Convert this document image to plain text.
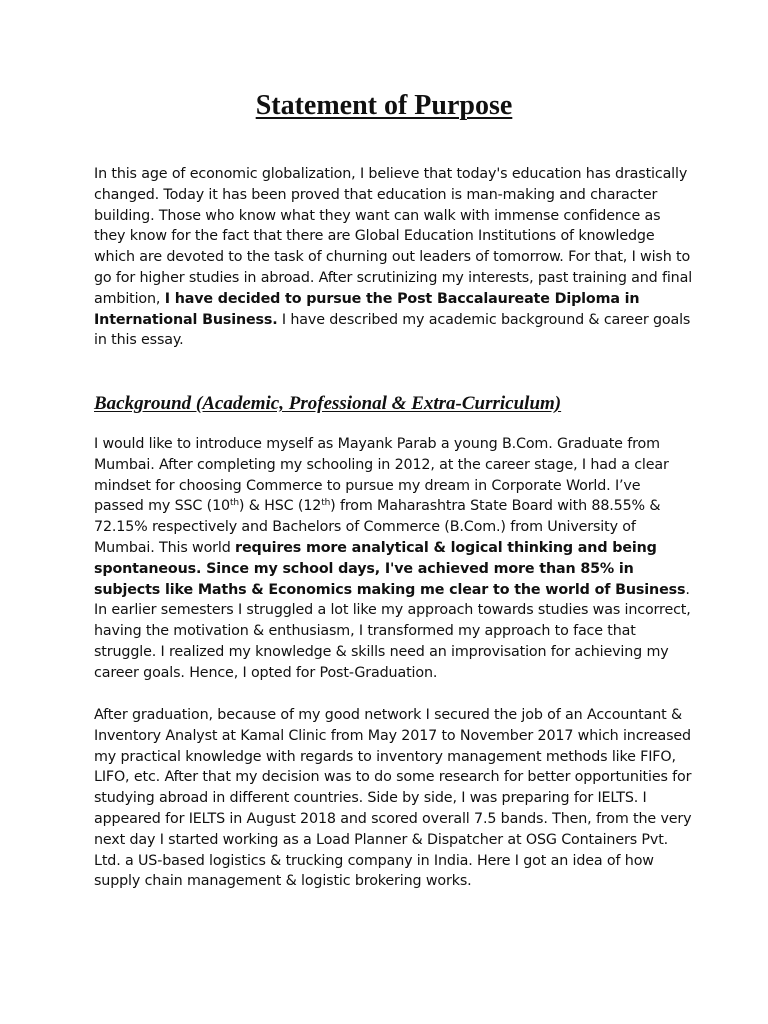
Statement of Purpose
In this age of economic globalization, I believe that today's education has drastically changed. Today it has been proved that education is man-making and character building. Those who know what they want can walk with immense confidence as they know for the fact that there are Global Education Institutions of knowledge which are devoted to the task of churning out leaders of tomorrow. For that, I wish to go for higher studies in abroad. After scrutinizing my interests, past training and final ambition, I have decided to pursue the Post Baccalaureate Diploma in International Business. I have described my academic background & career goals in this essay.
Background (Academic, Professional & Extra-Curriculum)
I would like to introduce myself as Mayank Parab a young B.Com. Graduate from Mumbai. After completing my schooling in 2012, at the career stage, I had a clear mindset for choosing Commerce to pursue my dream in Corporate World. I’ve passed my SSC (10th) & HSC (12th) from Maharashtra State Board with 88.55% & 72.15% respectively and Bachelors of Commerce (B.Com.) from University of Mumbai. This world requires more analytical & logical thinking and being spontaneous. Since my school days, I've achieved more than 85% in subjects like Maths & Economics making me clear to the world of Business. In earlier semesters I struggled a lot like my approach towards studies was incorrect, having the motivation & enthusiasm, I transformed my approach to face that struggle. I realized my knowledge & skills need an improvisation for achieving my career goals. Hence, I opted for Post-Graduation.
After graduation, because of my good network I secured the job of an Accountant & Inventory Analyst at Kamal Clinic from May 2017 to November 2017 which increased my practical knowledge with regards to inventory management methods like FIFO, LIFO, etc. After that my decision was to do some research for better opportunities for studying abroad in different countries. Side by side, I was preparing for IELTS. I appeared for IELTS in August 2018 and scored overall 7.5 bands. Then, from the very next day I started working as a Load Planner & Dispatcher at OSG Containers Pvt. Ltd. a US-based logistics & trucking company in India. Here I got an idea of how supply chain management & logistic brokering works.
